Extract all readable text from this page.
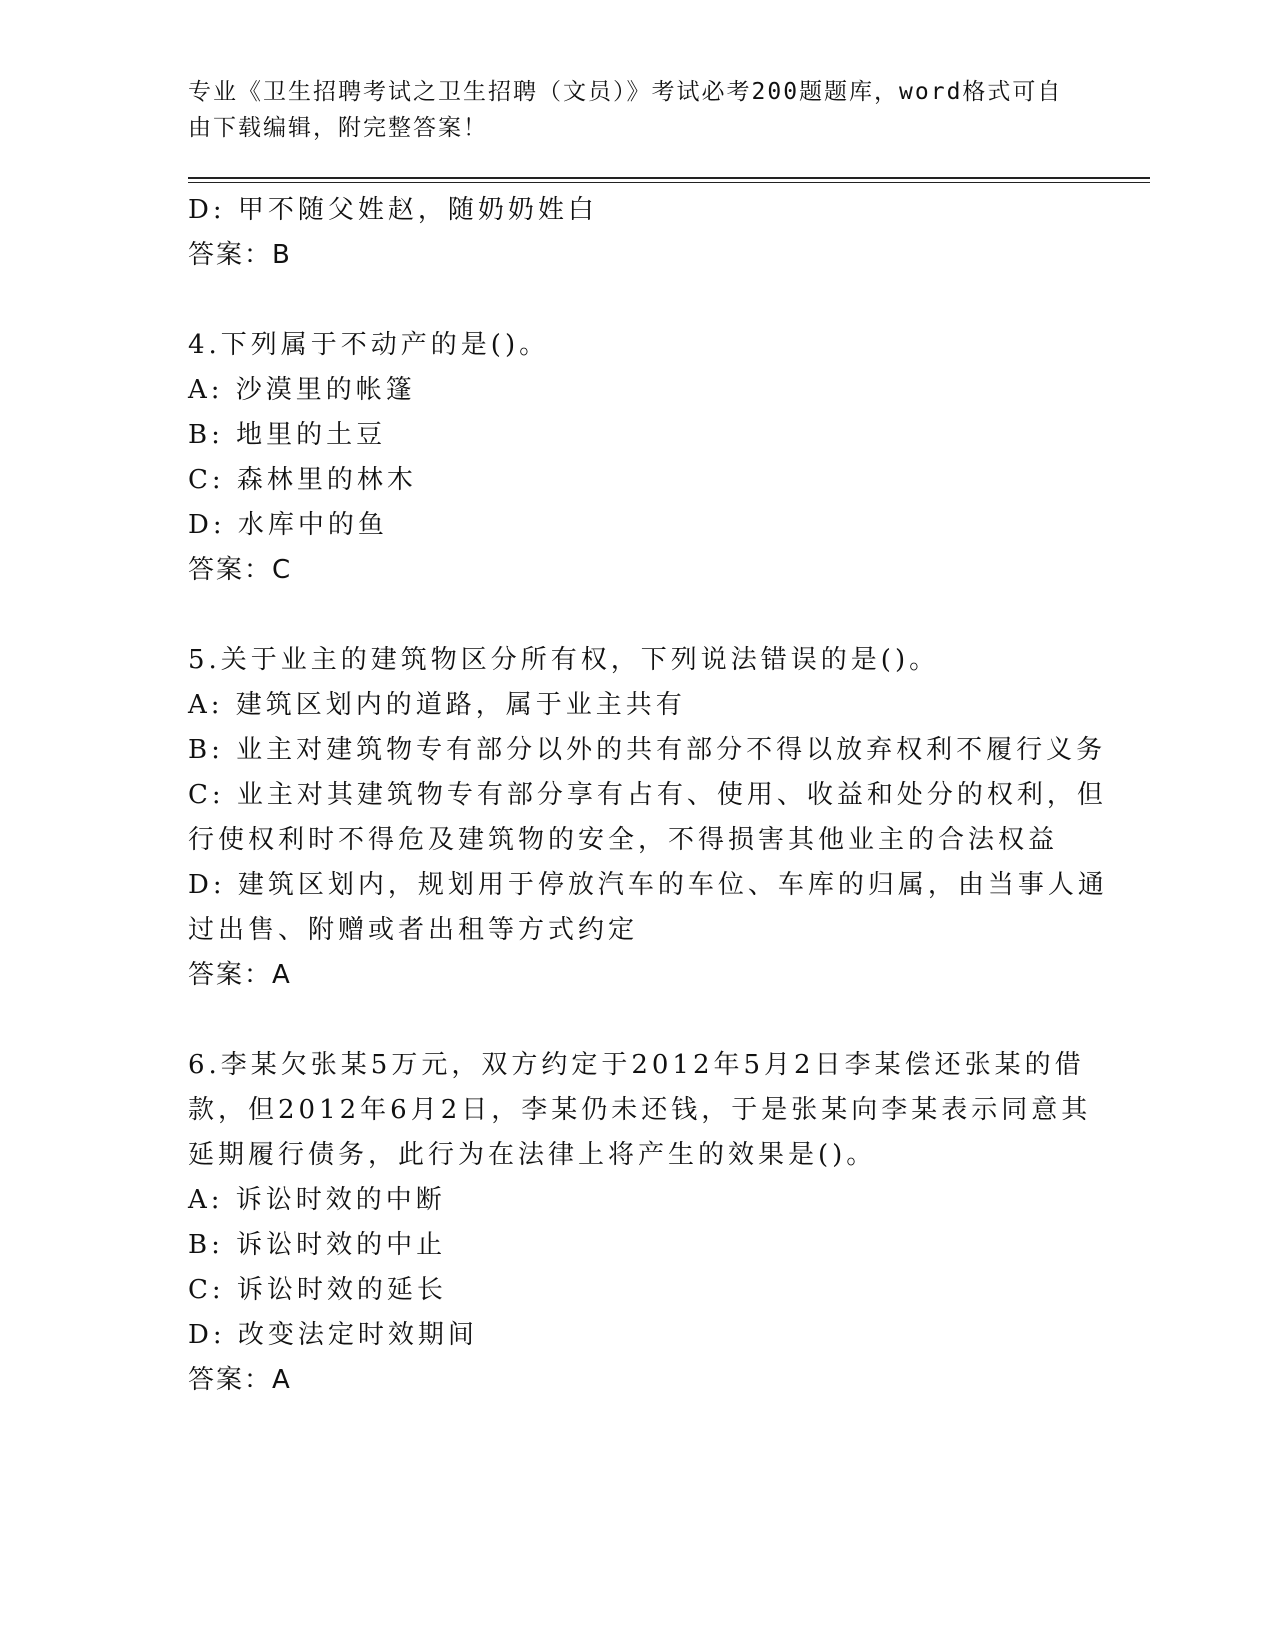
专业《卫生招聘考试之卫生招聘（文员）》考试必考200题题库，word格式可自
由下载编辑，附完整答案！
D: 甲不随父姓赵，随奶奶姓白
答案：B
4.下列属于不动产的是()。
A: 沙漠里的帐篷
B: 地里的土豆
C: 森林里的林木
D: 水库中的鱼
答案：C
5.关于业主的建筑物区分所有权，下列说法错误的是()。
A: 建筑区划内的道路，属于业主共有
B: 业主对建筑物专有部分以外的共有部分不得以放弃权利不履行义务
C: 业主对其建筑物专有部分享有占有、使用、收益和处分的权利，但
行使权利时不得危及建筑物的安全，不得损害其他业主的合法权益
D: 建筑区划内，规划用于停放汽车的车位、车库的归属，由当事人通
过出售、附赠或者出租等方式约定
答案：A
6.李某欠张某5万元，双方约定于2012年5月2日李某偿还张某的借
款，但2012年6月2日，李某仍未还钱，于是张某向李某表示同意其
延期履行债务，此行为在法律上将产生的效果是()。
A: 诉讼时效的中断
B: 诉讼时效的中止
C: 诉讼时效的延长
D: 改变法定时效期间
答案：A
